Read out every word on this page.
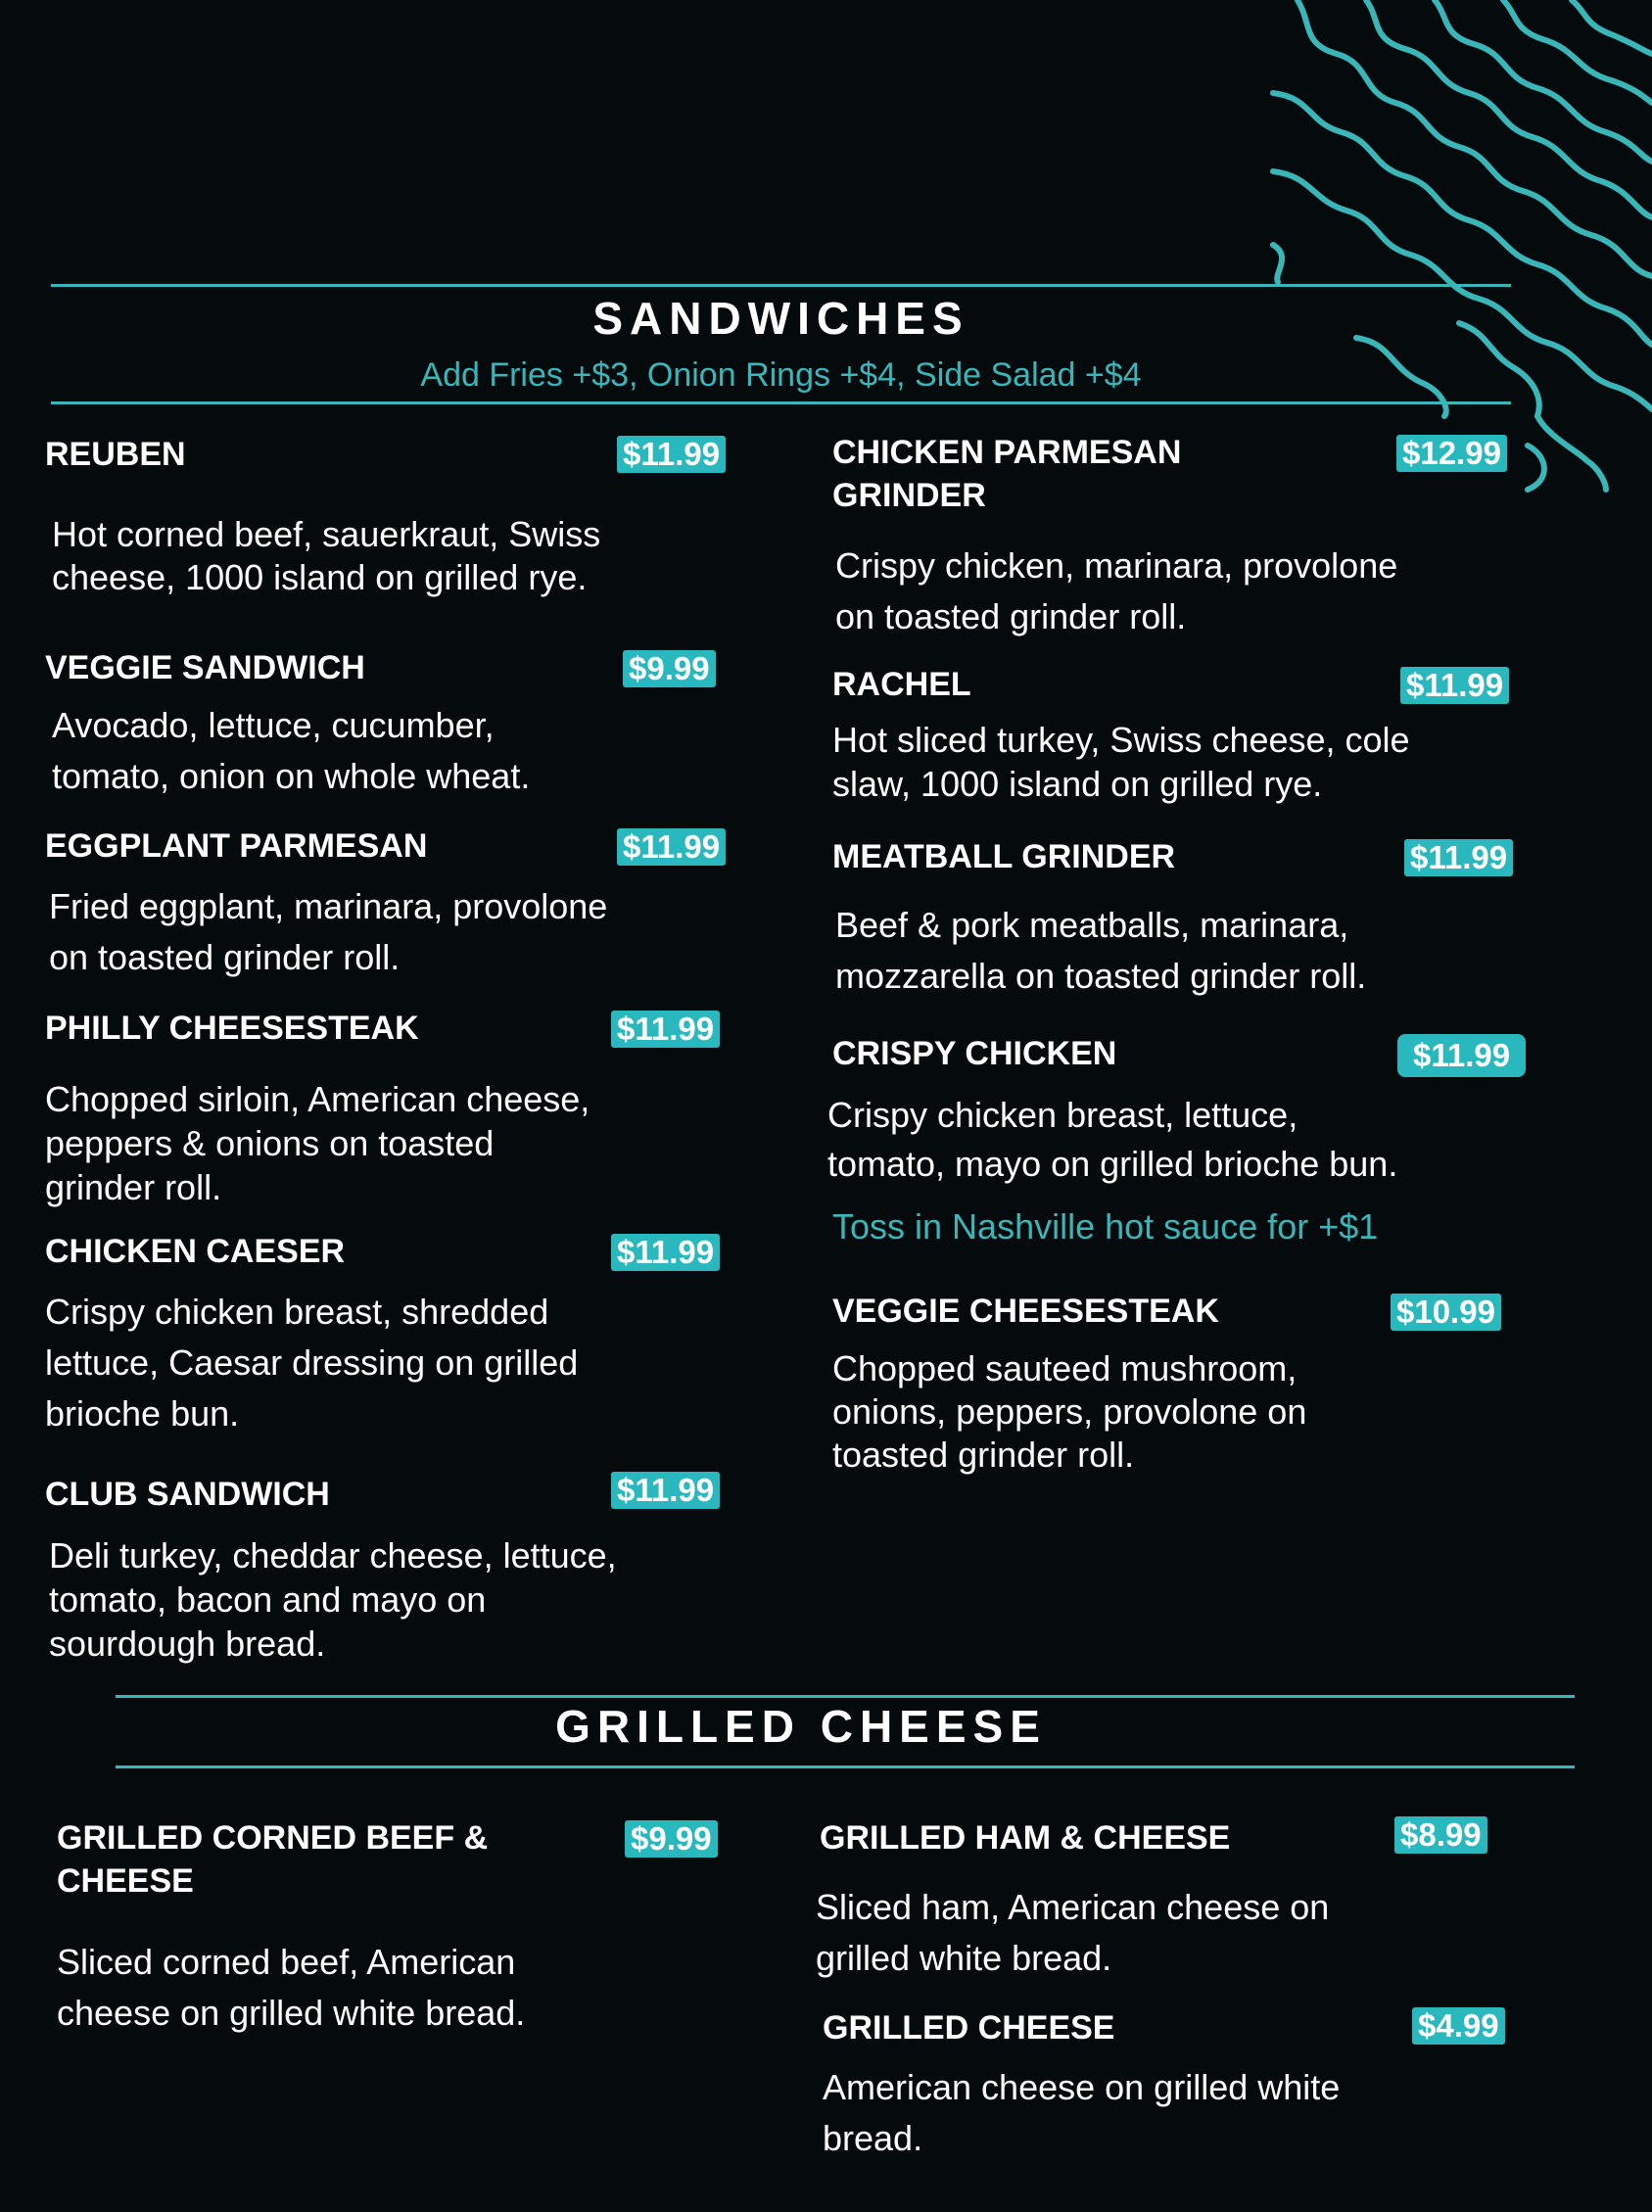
SANDWICHES
Add Fries +$3, Onion Rings +$4, Side Salad +$4
REUBEN	$11.99
Hot corned beef, sauerkraut, Swiss
cheese, 1000 island on grilled rye.
VEGGIE SANDWICH	$9.99
Avocado, lettuce, cucumber,
tomato, onion on whole wheat.
EGGPLANT PARMESAN	$11.99
Fried eggplant, marinara, provolone
on toasted grinder roll.
PHILLY CHEESESTEAK	$11.99
Chopped sirloin, American cheese,
peppers & onions on toasted
grinder roll.
CHICKEN CAESER	$11.99
Crispy chicken breast, shredded
lettuce, Caesar dressing on grilled
brioche bun.
CLUB SANDWICH	$11.99
Deli turkey, cheddar cheese, lettuce,
tomato, bacon and mayo on
sourdough bread.
CHICKEN PARMESAN
GRINDER
$12.99
Crispy chicken, marinara, provolone
on toasted grinder roll.
RACHEL	$11.99
Hot sliced turkey, Swiss cheese, cole
slaw, 1000 island on grilled rye.
MEATBALL GRINDER	$11.99
Beef & pork meatballs, marinara,
mozzarella on toasted grinder roll.
CRISPY CHICKEN	$11.99
Crispy chicken breast, lettuce,
tomato, mayo on grilled brioche bun.
Toss in Nashville hot sauce for +$1
VEGGIE CHEESESTEAK	$10.99
Chopped sauteed mushroom,
onions, peppers, provolone on
toasted grinder roll.
GRILLED CHEESE
GRILLED CORNED BEEF &
CHEESE
$9.99
Sliced corned beef, American
cheese on grilled white bread.
GRILLED HAM & CHEESE	$8.99
Sliced ham, American cheese on
grilled white bread.
GRILLED CHEESE	$4.99
American cheese on grilled white
bread.
